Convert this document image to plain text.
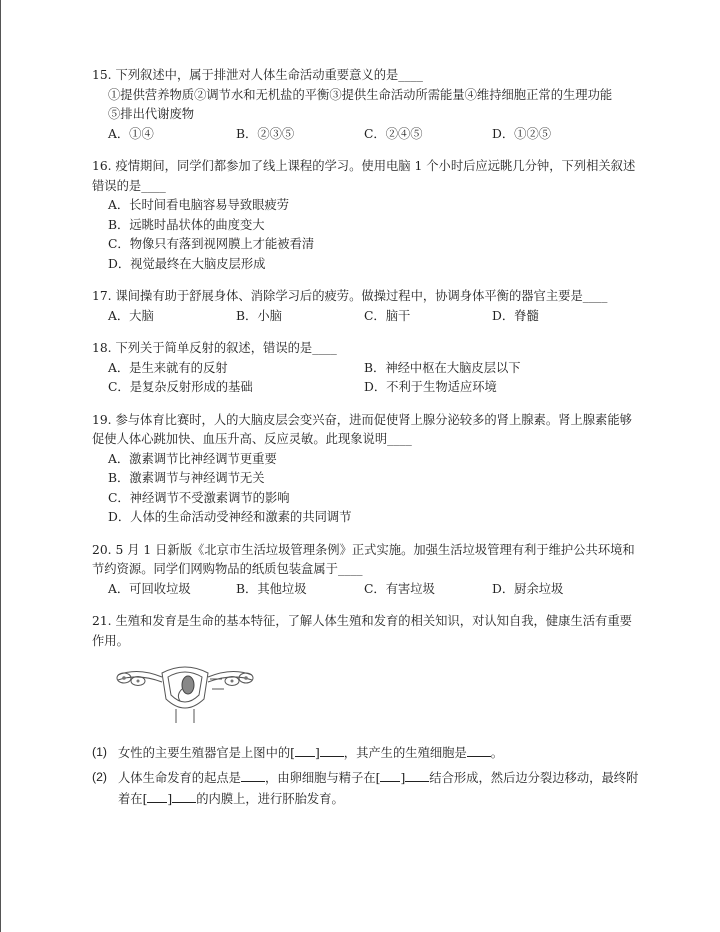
15. 下列叙述中，属于排泄对人体生命活动重要意义的是____

①提供营养物质②调节水和无机盐的平衡③提供生命活动所需能量④维持细胞正常的生理功能

⑤排出代谢废物

A．①④	B．②③⑤	C．②④⑤	D．①②⑤

16. 疫情期间，同学们都参加了线上课程的学习。使用电脑 1 个小时后应远眺几分钟，下列相关叙述错误的是____

A．长时间看电脑容易导致眼疲劳

B．远眺时晶状体的曲度变大

C．物像只有落到视网膜上才能被看清

D．视觉最终在大脑皮层形成

17. 课间操有助于舒展身体、消除学习后的疲劳。做操过程中，协调身体平衡的器官主要是____

A．大脑	B．小脑	C．脑干	D．脊髓

18. 下列关于简单反射的叙述，错误的是____

A．是生来就有的反射	B．神经中枢在大脑皮层以下
C．是复杂反射形成的基础	D．不利于生物适应环境

19. 参与体育比赛时，人的大脑皮层会变兴奋，进而促使肾上腺分泌较多的肾上腺素。肾上腺素能够促使人体心跳加快、血压升高、反应灵敏。此现象说明____

A．激素调节比神经调节更重要

B．激素调节与神经调节无关

C．神经调节不受激素调节的影响

D．人体的生命活动受神经和激素的共同调节

20. 5 月 1 日新版《北京市生活垃圾管理条例》正式实施。加强生活垃圾管理有利于维护公共环境和节约资源。同学们网购物品的纸质包装盒属于____

A．可回收垃圾	B．其他垃圾	C．有害垃圾	D．厨余垃圾

21. 生殖和发育是生命的基本特征，了解人体生殖和发育的相关知识，对认知自我，健康生活有重要作用。

(1) 女性的主要生殖器官是上图中的[ ] ，其产生的生殖细胞是 。
(2) 人体生命发育的起点是 ，由卵细胞与精子在[ ] 结合形成，然后边分裂边移动，最终附着在[ ] 的内膜上，进行肧胎发育。
